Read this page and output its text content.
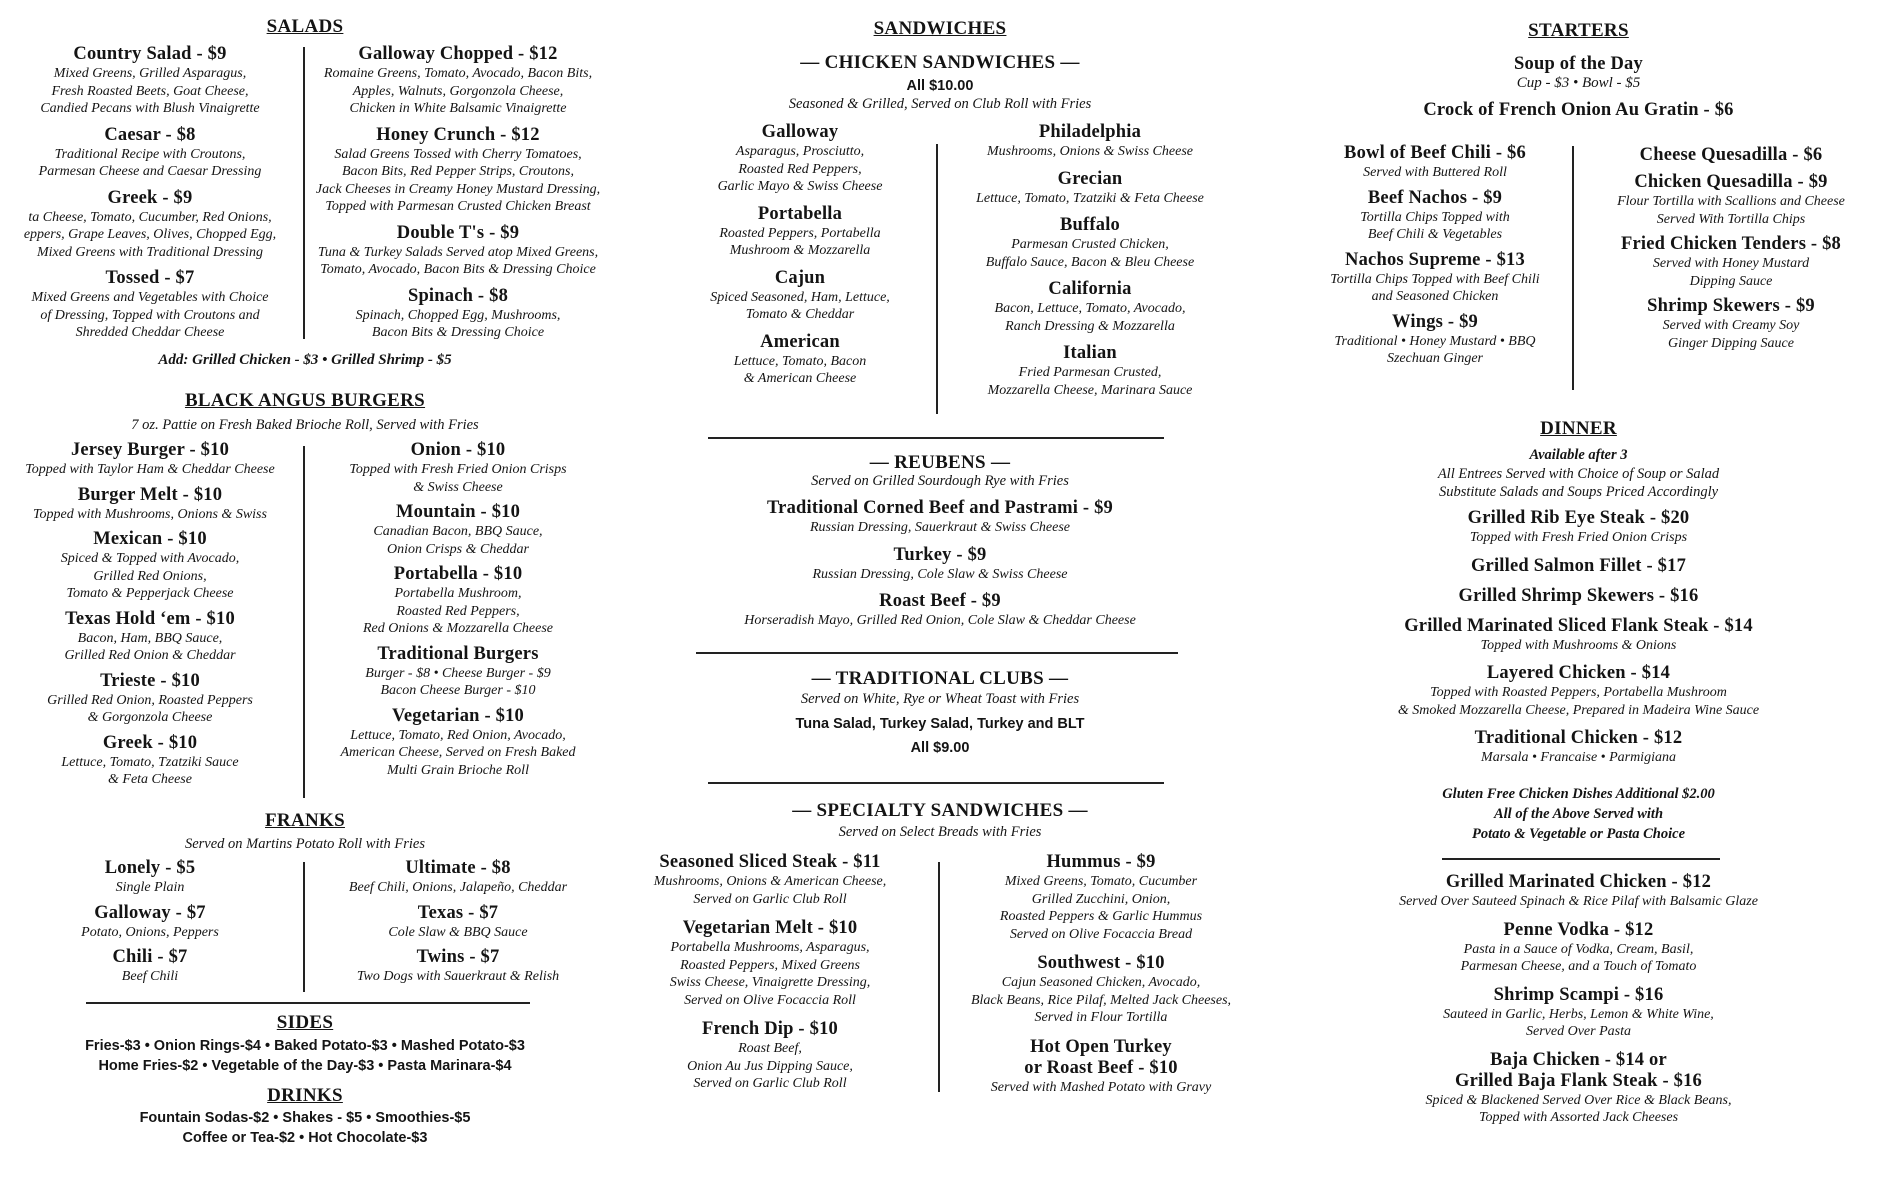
SALADS
Country Salad - $9
Mixed Greens, Grilled Asparagus,
Fresh Roasted Beets, Goat Cheese,
Candied Pecans with Blush Vinaigrette
Caesar - $8
Traditional Recipe with Croutons,
Parmesan Cheese and Caesar Dressing
Greek - $9
ta Cheese, Tomato, Cucumber, Red Onions,
eppers, Grape Leaves, Olives, Chopped Egg,
Mixed Greens with Traditional Dressing
Tossed - $7
Mixed Greens and Vegetables with Choice
of Dressing, Topped with Croutons and
Shredded Cheddar Cheese
Galloway Chopped - $12
Romaine Greens, Tomato, Avocado, Bacon Bits,
Apples, Walnuts, Gorgonzola Cheese,
Chicken in White Balsamic Vinaigrette
Honey Crunch - $12
Salad Greens Tossed with Cherry Tomatoes,
Bacon Bits, Red Pepper Strips, Croutons,
Jack Cheeses in Creamy Honey Mustard Dressing,
Topped with Parmesan Crusted Chicken Breast
Double T's - $9
Tuna & Turkey Salads Served atop Mixed Greens,
Tomato, Avocado, Bacon Bits & Dressing Choice
Spinach - $8
Spinach, Chopped Egg, Mushrooms,
Bacon Bits & Dressing Choice
Add: Grilled Chicken - $3 • Grilled Shrimp - $5
BLACK ANGUS BURGERS
7 oz. Pattie on Fresh Baked Brioche Roll, Served with Fries
Jersey Burger - $10
Topped with Taylor Ham & Cheddar Cheese
Burger Melt - $10
Topped with Mushrooms, Onions & Swiss
Mexican - $10
Spiced & Topped with Avocado,
Grilled Red Onions,
Tomato & Pepperjack Cheese
Texas Hold ‘em - $10
Bacon, Ham, BBQ Sauce,
Grilled Red Onion & Cheddar
Trieste - $10
Grilled Red Onion, Roasted Peppers
& Gorgonzola Cheese
Greek - $10
Lettuce, Tomato, Tzatziki Sauce
& Feta Cheese
Onion - $10
Topped with Fresh Fried Onion Crisps
& Swiss Cheese
Mountain - $10
Canadian Bacon, BBQ Sauce,
Onion Crisps & Cheddar
Portabella - $10
Portabella Mushroom,
Roasted Red Peppers,
Red Onions & Mozzarella Cheese
Traditional Burgers
Burger - $8 • Cheese Burger - $9
Bacon Cheese Burger - $10
Vegetarian - $10
Lettuce, Tomato, Red Onion, Avocado,
American Cheese, Served on Fresh Baked
Multi Grain Brioche Roll
FRANKS
Served on Martins Potato Roll with Fries
Lonely - $5
Single Plain
Galloway - $7
Potato, Onions, Peppers
Chili - $7
Beef Chili
Ultimate - $8
Beef Chili, Onions, Jalapeño, Cheddar
Texas - $7
Cole Slaw & BBQ Sauce
Twins - $7
Two Dogs with Sauerkraut & Relish
SIDES
Fries-$3 • Onion Rings-$4 • Baked Potato-$3 • Mashed Potato-$3
Home Fries-$2 • Vegetable of the Day-$3 • Pasta Marinara-$4
DRINKS
Fountain Sodas-$2 • Shakes - $5 • Smoothies-$5
Coffee or Tea-$2 • Hot Chocolate-$3
SANDWICHES
— CHICKEN SANDWICHES —
All $10.00
Seasoned & Grilled, Served on Club Roll with Fries
Galloway
Asparagus, Prosciutto,
Roasted Red Peppers,
Garlic Mayo & Swiss Cheese
Portabella
Roasted Peppers, Portabella
Mushroom & Mozzarella
Cajun
Spiced Seasoned, Ham, Lettuce,
Tomato & Cheddar
American
Lettuce, Tomato, Bacon
& American Cheese
Philadelphia
Mushrooms, Onions & Swiss Cheese
Grecian
Lettuce, Tomato, Tzatziki & Feta Cheese
Buffalo
Parmesan Crusted Chicken,
Buffalo Sauce, Bacon & Bleu Cheese
California
Bacon, Lettuce, Tomato, Avocado,
Ranch Dressing & Mozzarella
Italian
Fried Parmesan Crusted,
Mozzarella Cheese, Marinara Sauce
— REUBENS —
Served on Grilled Sourdough Rye with Fries
Traditional Corned Beef and Pastrami - $9
Russian Dressing, Sauerkraut & Swiss Cheese
Turkey - $9
Russian Dressing, Cole Slaw & Swiss Cheese
Roast Beef - $9
Horseradish Mayo, Grilled Red Onion, Cole Slaw & Cheddar Cheese
— TRADITIONAL CLUBS —
Served on White, Rye or Wheat Toast with Fries
Tuna Salad, Turkey Salad, Turkey and BLT
All $9.00
— SPECIALTY SANDWICHES —
Served on Select Breads with Fries
Seasoned Sliced Steak - $11
Mushrooms, Onions & American Cheese,
Served on Garlic Club Roll
Vegetarian Melt - $10
Portabella Mushrooms, Asparagus,
Roasted Peppers, Mixed Greens
Swiss Cheese, Vinaigrette Dressing,
Served on Olive Focaccia Roll
French Dip - $10
Roast Beef,
Onion Au Jus Dipping Sauce,
Served on Garlic Club Roll
Hummus - $9
Mixed Greens, Tomato, Cucumber
Grilled Zucchini, Onion,
Roasted Peppers & Garlic Hummus
Served on Olive Focaccia Bread
Southwest - $10
Cajun Seasoned Chicken, Avocado,
Black Beans, Rice Pilaf, Melted Jack Cheeses,
Served in Flour Tortilla
Hot Open Turkey
or Roast Beef - $10
Served with Mashed Potato with Gravy
STARTERS
Soup of the Day
Cup - $3 • Bowl - $5
Crock of French Onion Au Gratin - $6
Bowl of Beef Chili - $6
Served with Buttered Roll
Beef Nachos - $9
Tortilla Chips Topped with
Beef Chili & Vegetables
Nachos Supreme - $13
Tortilla Chips Topped with Beef Chili
and Seasoned Chicken
Wings - $9
Traditional • Honey Mustard • BBQ
Szechuan Ginger
Cheese Quesadilla - $6
Chicken Quesadilla - $9
Flour Tortilla with Scallions and Cheese
Served With Tortilla Chips
Fried Chicken Tenders - $8
Served with Honey Mustard
Dipping Sauce
Shrimp Skewers - $9
Served with Creamy Soy
Ginger Dipping Sauce
DINNER
Available after 3
All Entrees Served with Choice of Soup or Salad
Substitute Salads and Soups Priced Accordingly
Grilled Rib Eye Steak - $20
Topped with Fresh Fried Onion Crisps
Grilled Salmon Fillet - $17
Grilled Shrimp Skewers - $16
Grilled Marinated Sliced Flank Steak - $14
Topped with Mushrooms & Onions
Layered Chicken - $14
Topped with Roasted Peppers, Portabella Mushroom
& Smoked Mozzarella Cheese, Prepared in Madeira Wine Sauce
Traditional Chicken - $12
Marsala • Francaise • Parmigiana
Gluten Free Chicken Dishes Additional $2.00
All of the Above Served with
Potato & Vegetable or Pasta Choice
Grilled Marinated Chicken - $12
Served Over Sauteed Spinach & Rice Pilaf with Balsamic Glaze
Penne Vodka - $12
Pasta in a Sauce of Vodka, Cream, Basil,
Parmesan Cheese, and a Touch of Tomato
Shrimp Scampi - $16
Sauteed in Garlic, Herbs, Lemon & White Wine,
Served Over Pasta
Baja Chicken - $14 or
Grilled Baja Flank Steak - $16
Spiced & Blackened Served Over Rice & Black Beans,
Topped with Assorted Jack Cheeses
